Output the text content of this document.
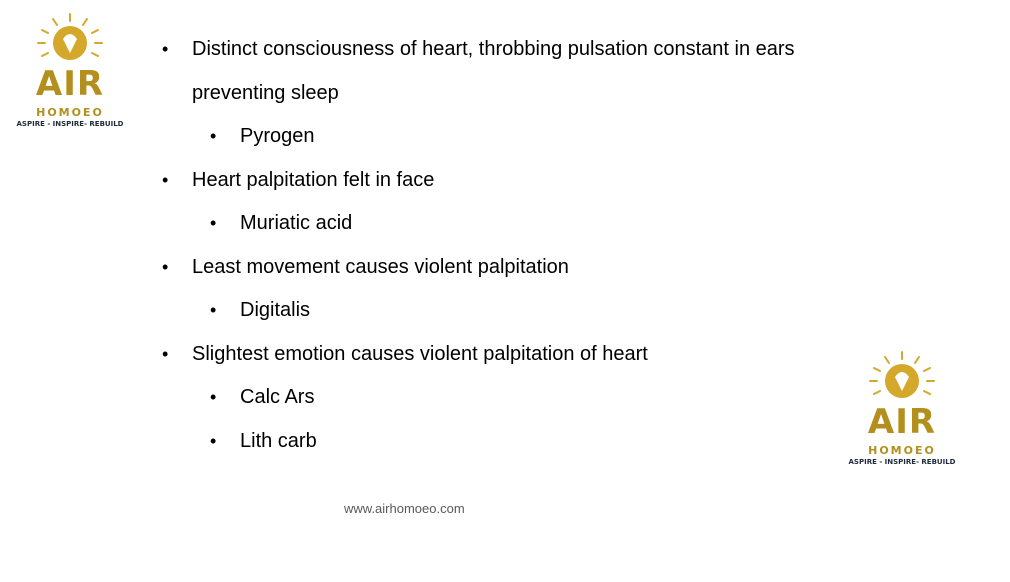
AIR
HOMOEO
ASPIRE - INSPIRE- REBUILD
• Distinct consciousness of heart, throbbing pulsation constant in ears preventing sleep
• Pyrogen
• Heart palpitation felt in face
• Muriatic acid
• Least movement causes violent palpitation
• Digitalis
• Slightest emotion causes violent palpitation of heart
• Calc Ars
• Lith carb	AIR
HOMOEO
ASPIRE - INSPIRE- REBUILD
www.airhomoeo.com
